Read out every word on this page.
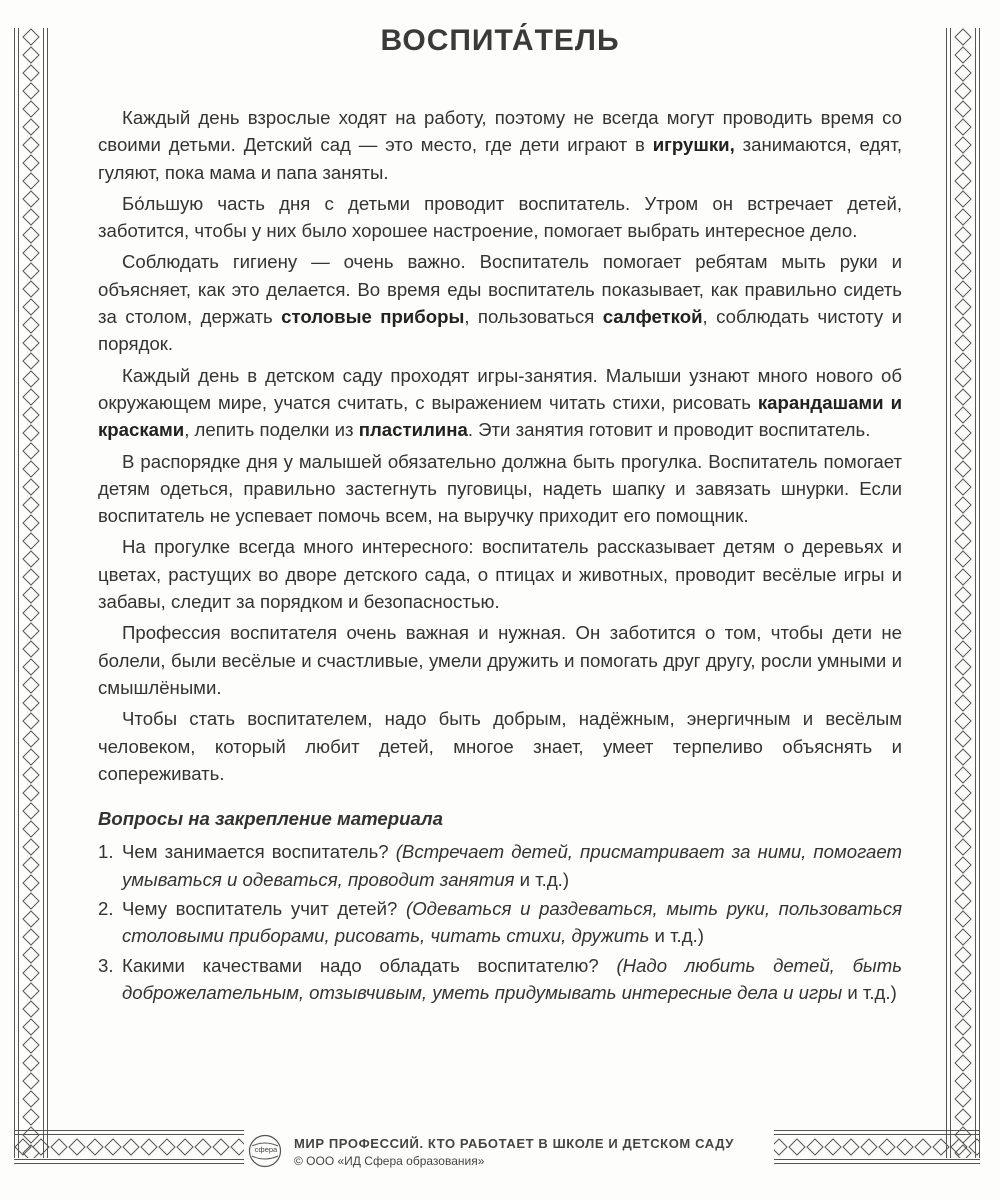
ВОСПИТА́ТЕЛЬ

Каждый день взрослые ходят на работу, поэтому не всегда могут проводить время со своими детьми. Детский сад — это место, где дети играют в игрушки, занимаются, едят, гуляют, пока мама и папа заняты.

Бо́льшую часть дня с детьми проводит воспитатель. Утром он встречает детей, заботится, чтобы у них было хорошее настроение, помогает выбрать интересное дело.

Соблюдать гигиену — очень важно. Воспитатель помогает ребятам мыть руки и объясняет, как это делается. Во время еды воспитатель показывает, как правильно сидеть за столом, держать столовые приборы, пользоваться салфеткой, соблюдать чистоту и порядок.

Каждый день в детском саду проходят игры-занятия. Малыши узнают много нового об окружающем мире, учатся считать, с выражением читать стихи, рисовать карандашами и красками, лепить поделки из пластилина. Эти занятия готовит и проводит воспитатель.

В распорядке дня у малышей обязательно должна быть прогулка. Воспитатель помогает детям одеться, правильно застегнуть пуговицы, надеть шапку и завязать шнурки. Если воспитатель не успевает помочь всем, на выручку приходит его помощник.

На прогулке всегда много интересного: воспитатель рассказывает детям о деревьях и цветах, растущих во дворе детского сада, о птицах и животных, проводит весёлые игры и забавы, следит за порядком и безопасностью.

Профессия воспитателя очень важная и нужная. Он заботится о том, чтобы дети не болели, были весёлые и счастливые, умели дружить и помогать друг другу, росли умными и смышлёными.

Чтобы стать воспитателем, надо быть добрым, надёжным, энергичным и весёлым человеком, который любит детей, многое знает, умеет терпеливо объяснять и сопереживать.

Вопросы на закрепление материала
1. Чем занимается воспитатель? (Встречает детей, присматривает за ними, помогает умываться и одеваться, проводит занятия и т.д.)
2. Чему воспитатель учит детей? (Одеваться и раздеваться, мыть руки, пользоваться столовыми приборами, рисовать, читать стихи, дружить и т.д.)
3. Какими качествами надо обладать воспитателю? (Надо любить детей, быть доброжелательным, отзывчивым, уметь придумывать интересные дела и игры и т.д.)
сфера МИР ПРОФЕССИЙ. КТО РАБОТАЕТ В ШКОЛЕ И ДЕТСКОМ САДУ
© ООО «ИД Сфера образования»
